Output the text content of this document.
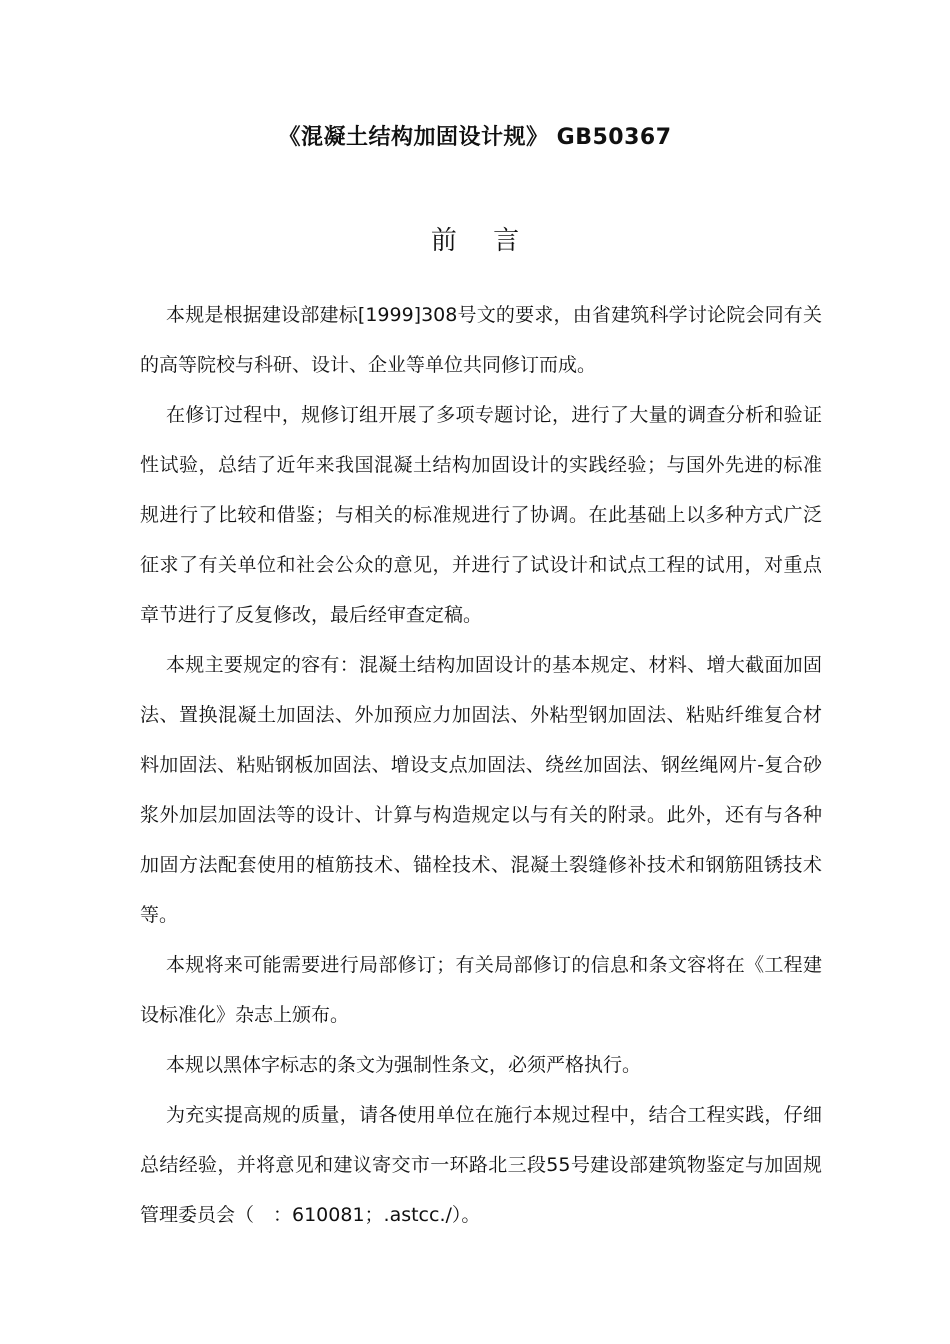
《混凝土结构加固设计规》 GB50367
前 言

本规是根据建设部建标[1999]308号文的要求，由省建筑科学讨论院会同有关的高等院校与科研、设计、企业等单位共同修订而成。

在修订过程中，规修订组开展了多项专题讨论，进行了大量的调查分析和验证性试验，总结了近年来我国混凝土结构加固设计的实践经验；与国外先进的标准规进行了比较和借鉴；与相关的标准规进行了协调。在此基础上以多种方式广泛征求了有关单位和社会公众的意见，并进行了试设计和试点工程的试用，对重点章节进行了反复修改，最后经审查定稿。

本规主要规定的容有：混凝土结构加固设计的基本规定、材料、增大截面加固法、置换混凝土加固法、外加预应力加固法、外粘型钢加固法、粘贴纤维复合材料加固法、粘贴钢板加固法、增设支点加固法、绕丝加固法、钢丝绳网片-复合砂浆外加层加固法等的设计、计算与构造规定以与有关的附录。此外，还有与各种加固方法配套使用的植筋技术、锚栓技术、混凝土裂缝修补技术和钢筋阻锈技术等。

本规将来可能需要进行局部修订；有关局部修订的信息和条文容将在《工程建设标准化》杂志上颁布。

本规以黑体字标志的条文为强制性条文，必须严格执行。

为充实提高规的质量，请各使用单位在施行本规过程中，结合工程实践，仔细总结经验，并将意见和建议寄交市一环路北三段55号建设部建筑物鉴定与加固规管理委员会（　：610081；.astcc./）。
